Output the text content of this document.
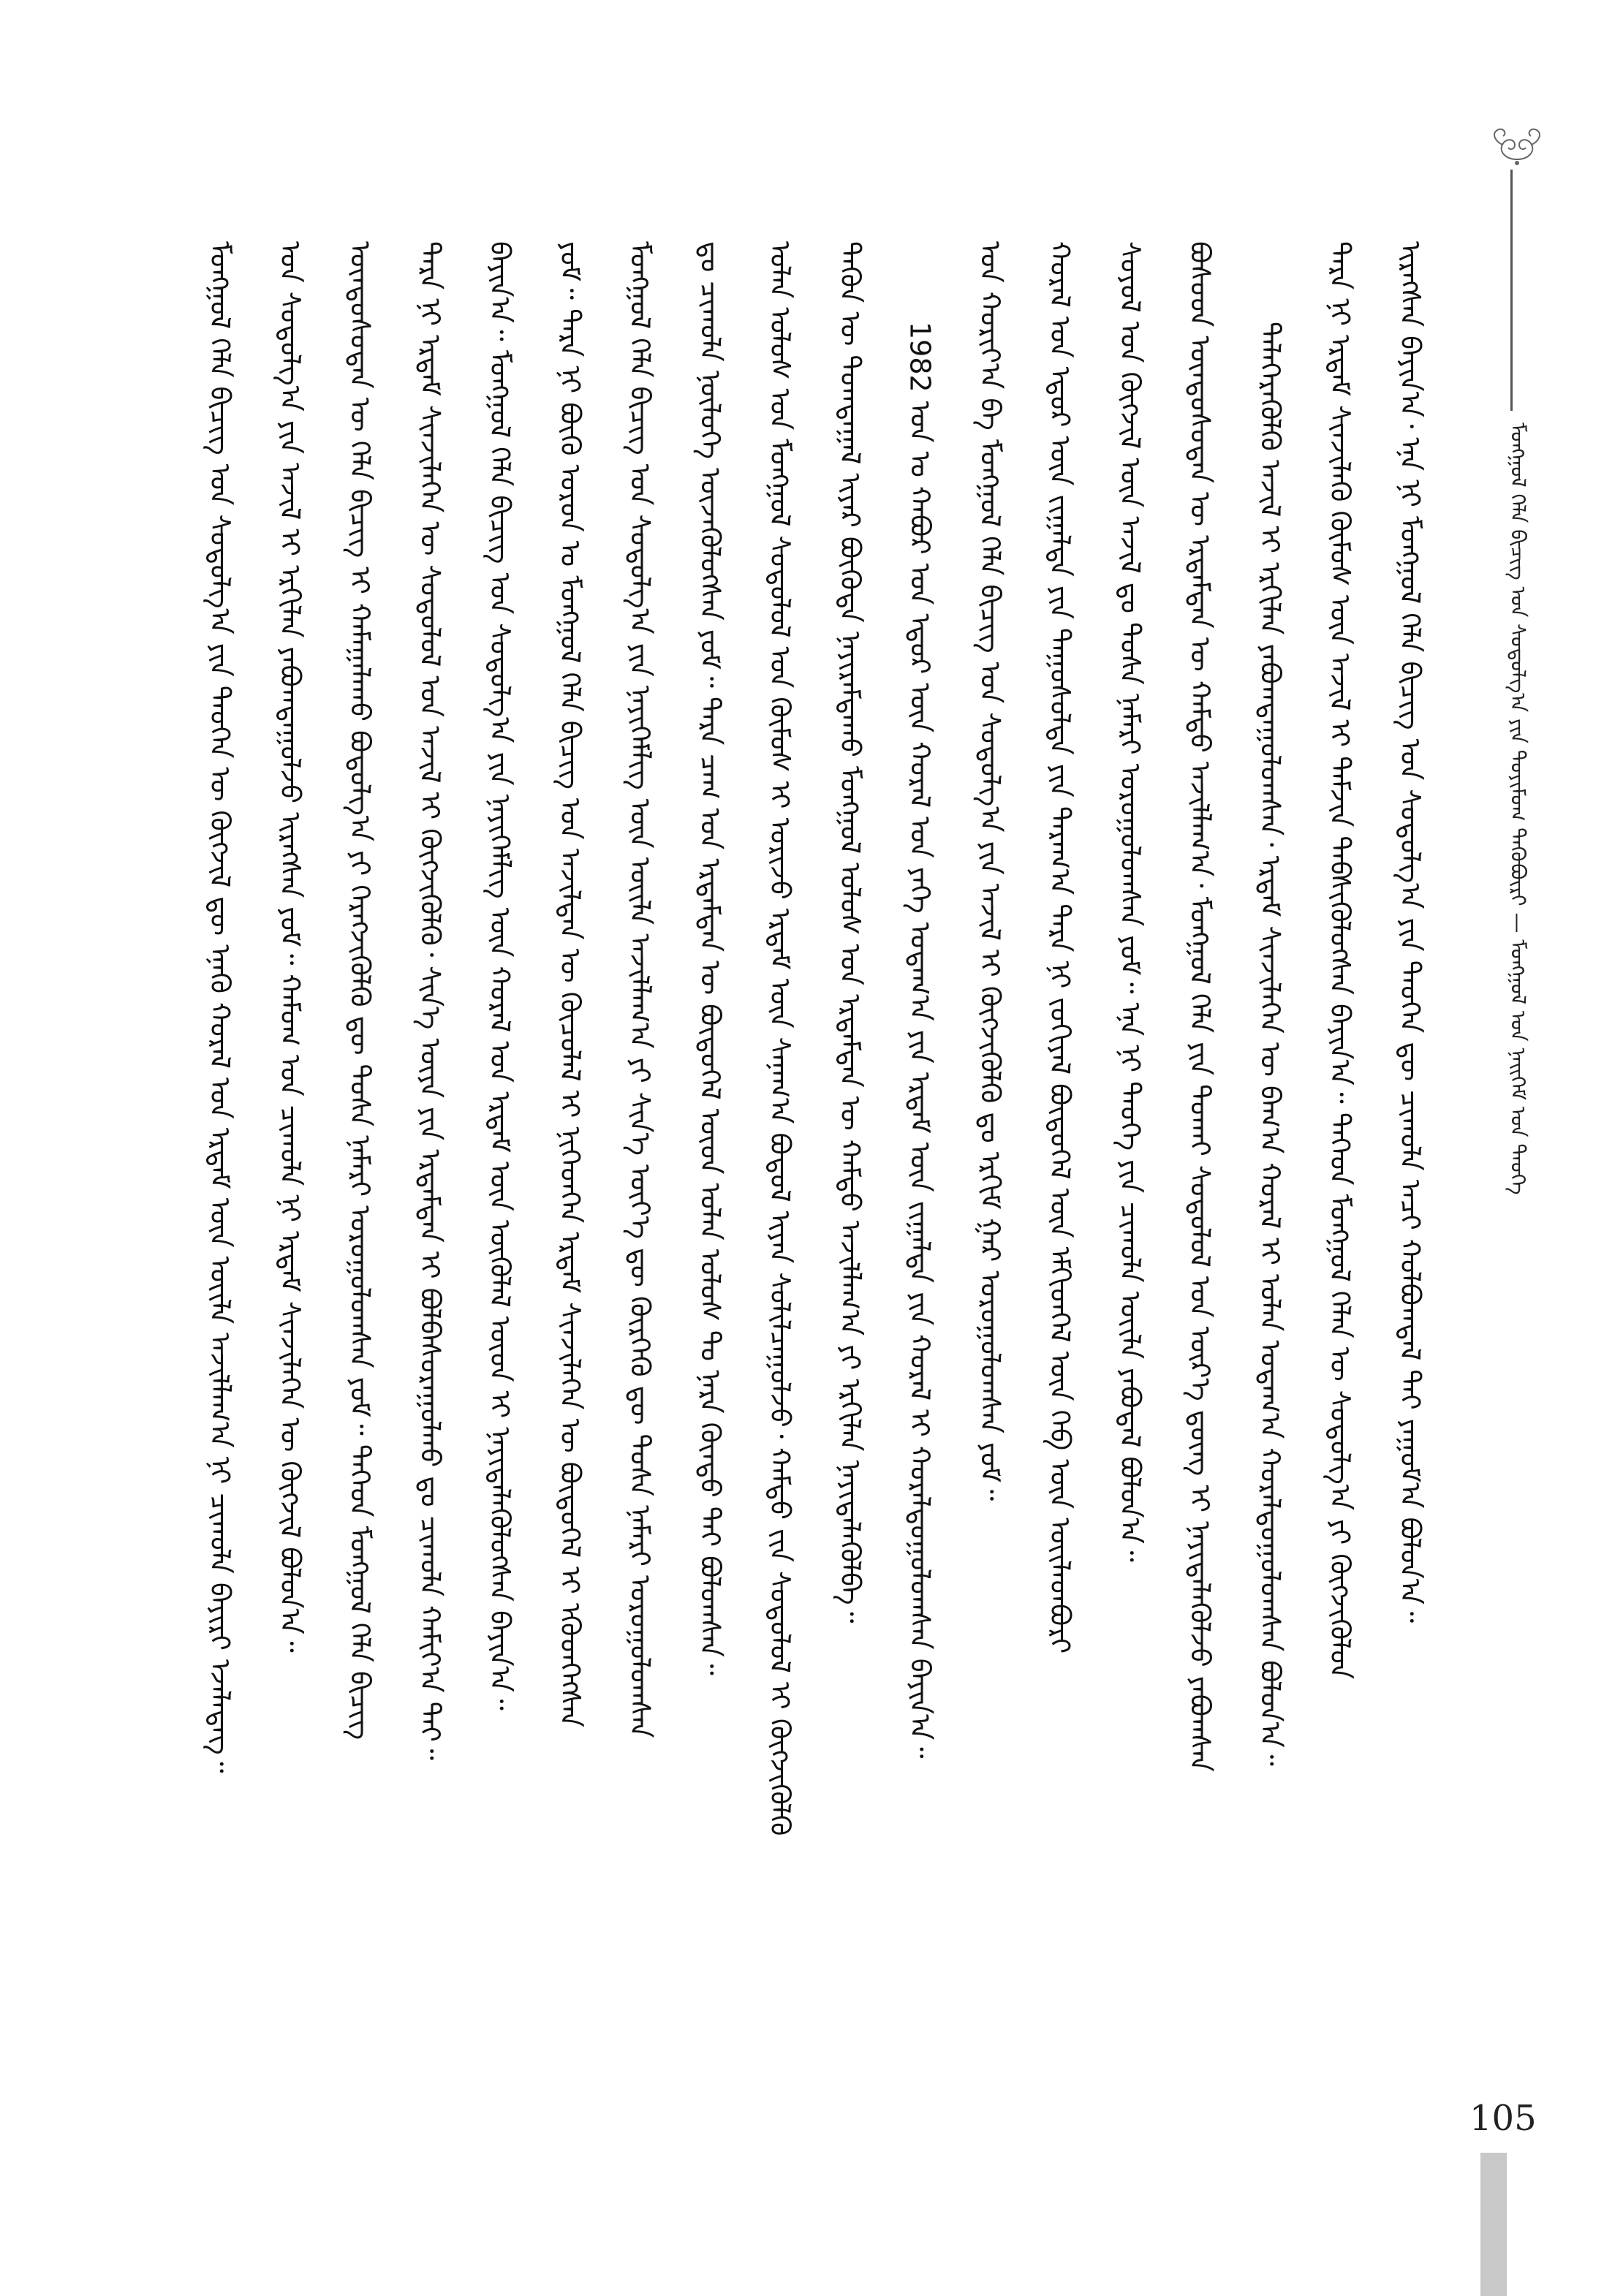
ᠮᠣᠩᠭᠣᠯ ᠬᠡᠯᠡ ᠪᠢᠴᠢᠭ ᠤᠨ ᠰᠤᠳᠤᠯᠭ᠎ᠠ ᠶᠢᠨ ᠲᠤᠶᠢᠮᠤᠭ ᠲᠡᠭᠦᠪᠦ᠋ᠷᠢ — ᠮᠣᠩᠭᠣᠯ ᠤᠨ ᠨᠡᠢᠭᠡᠮ ᠤᠨ ᠲᠡᠦᠬᠡ
ᠢᠷᠡᠭᠰᠡᠨ ᠪᠠᠶᠢᠨ᠎ᠠ᠂ ᠡᠨᠡ ᠨᠢ ᠮᠣᠩᠭᠣᠯ ᠬᠡᠯᠡ ᠪᠢᠴᠢᠭ ᠤᠨ ᠰᠤᠳᠤᠯᠭ᠎ᠠ ᠶᠢᠨ ᠲᠡᠦᠬᠡᠨ ᠳᠦ ᠴᠢᠬᠤᠯᠠ ᠠᠴᠢ ᠬᠣᠯᠪᠣᠭᠳᠠᠯ ᠲᠠᠶ ᠶᠠᠭᠤᠮ᠎ᠠ ᠪᠣᠯᠤᠨ᠎ᠠ᠃
ᠲᠡᠷᠡ ᠨᠢ ᠡᠷᠳᠡᠮ ᠰᠢᠨᠵᠢᠯᠡᠬᠦ ᠬᠦᠮᠦᠰ ᠦᠨ ᠠᠵᠢᠯ ᠢ ᠳᠡᠮᠵᠢᠨ ᠳᠡᠪᠰᠢᠭᠦᠯᠦᠭᠰᠡᠨ ᠪᠠᠶᠢᠨ᠎ᠠ᠃ ᠲᠡᠭᠡᠳ ᠮᠣᠩᠭᠣᠯ ᠬᠡᠯᠡᠨ ᠦ ᠰᠤᠳᠤᠯᠭ᠎ᠠ ᠶᠢ ᠬᠦᠭᠵᠢᠭᠦᠯᠦᠨ
ᠲᠡᠯᠡᠭᠡᠷᠡᠭᠦᠯᠬᠦ ᠠᠵᠢᠯ ᠢ ᠡᠷᠬᠢᠯᠡᠨ ᠶᠠᠪᠤᠭᠳᠠᠭᠤᠯᠤᠭᠰᠠᠨ᠂ ᠡᠷᠳᠡᠮ ᠰᠢᠨᠵᠢᠯᠡᠭᠡᠨ ᠦ ᠪᠠᠭ᠎ᠠ ᠬᠤᠷᠠᠯ ᠢ ᠣᠯᠠᠨ ᠤᠳᠠᠭ᠎ᠠ ᠬᠤᠷᠠᠯᠳᠤᠭᠤᠯᠤᠭᠰᠠᠨ ᠪᠣᠯᠣᠨ᠎ᠠ᠃
ᠪᠤᠰᠤᠳ ᠦᠨᠳᠦᠰᠦᠲᠡᠨ ᠦ ᠡᠷᠳᠡᠮᠲᠡᠨ ᠦ ᠬᠠᠮᠲᠤ ᠠᠵᠢᠯᠯᠠᠭ᠎ᠠ᠂ ᠮᠣᠩᠭᠣᠯ ᠬᠡᠯᠡ ᠶᠢᠨ ᠲᠤᠬᠠᠶ ᠰᠤᠳᠤᠯᠤᠯ ᠤᠨ ᠦᠷ᠎ᠡ ᠳ᠋ᠦᠩ ᠢ ᠨᠡᠶᠢᠲᠡᠯᠡᠭᠦᠯᠵᠦ ᠶᠠᠪᠤᠭᠰᠠᠨ
ᠰᠣᠶᠣᠯ ᠤᠨ ᠬᠥᠭᠵᠢᠯ ᠦᠨ ᠠᠵᠢᠯ ᠳᠤ ᠲᠤᠰᠠ ᠨᠡᠮᠡᠷᠢ ᠣᠷᠤᠭᠤᠯᠤᠭᠰᠠᠨ ᠶᠤᠮ᠃ ᠡᠨᠡ ᠨᠢ ᠲᠡᠦᠬᠡ ᠶᠢᠨ ᠴᠢᠬᠤᠯᠠ ᠦᠢᠯᠡ ᠶᠠᠪᠤᠳᠠᠯ ᠪᠣᠯᠤᠨ᠎ᠠ᠃
ᠬᠤᠷᠠᠯ ᠤᠨ ᠡᠳᠦᠷ ᠦᠨ ᠵᠢᠭᠠᠯᠲᠠ ᠶᠢᠨ ᠳᠠᠭᠤᠰᠤᠯᠲᠠ ᠶᠢᠨ ᠳᠠᠷᠠᠭ᠎ᠠ ᠲᠡᠷᠡ ᠨᠢ ᠵᠣᠬᠢᠶᠠᠯ ᠪᠦᠲᠦᠭᠡᠯ ᠦᠨ ᠡᠮᠬᠢᠳᠬᠡᠯ ᠦᠨ ᠬᠡᠪ ᠦᠨ ᠦᠢᠯᠡᠳᠪᠦᠷᠢ
ᠤᠨ ᠬᠣᠷᠢᠶ᠎ᠠ ᠪᠠ ᠮᠣᠩᠭᠣᠯ ᠬᠡᠯᠡ ᠪᠢᠴᠢᠭ ᠤᠨ ᠰᠤᠳᠤᠯᠭ᠎ᠠ ᠶᠢᠨ ᠠᠵᠢᠯ ᠢ ᠬᠥᠭᠵᠢᠭᠦᠯᠬᠦ ᠳᠤ ᠡᠷᠬᠢᠮ ᠭᠠᠷ ᠣᠷᠤᠭᠤᠯᠤᠭᠰᠠᠨ ᠶᠤᠮ᠃
1982 ᠣᠨ ᠤ ᠬᠠᠪᠤᠷ ᠤᠨ ᠡᠳᠦᠷ ᠦᠨ ᠬᠤᠷᠠᠯ ᠤᠨ ᠶᠡᠬᠡ ᠤᠳᠠᠭ᠎ᠠ ᠶᠢᠨ ᠡᠷᠳᠡᠮ ᠦᠨ ᠵᠢᠭᠠᠯᠲᠠ ᠶᠢᠨ ᠬᠤᠷᠠᠯ ᠢ ᠬᠤᠷᠠᠯᠳᠤᠭᠤᠯᠤᠭᠰᠠᠨ ᠪᠠᠶᠢᠨ᠎ᠠ᠃
ᠲᠡᠭᠦᠨ ᠦ ᠲᠣᠭᠲᠠᠭᠠᠯ ᠢᠶᠠᠷ ᠪᠦᠭᠦᠳᠡ ᠨᠠᠶᠢᠷᠠᠮᠳᠠᠬᠤ ᠮᠣᠩᠭᠣᠯ ᠤᠯᠤᠰ ᠤᠨ ᠡᠷᠳᠡᠮᠲᠡᠨ ᠦ ᠬᠠᠮᠲᠤ ᠠᠵᠢᠯᠯᠠᠭ᠎ᠠ ᠶᠢ ᠡᠷᠬᠢᠯᠡᠨ ᠨᠡᠶᠢᠲᠡᠯᠡᠭᠦᠯᠪᠡ᠃
ᠣᠯᠠᠨ ᠤᠯᠤᠰ ᠤᠨ ᠮᠣᠩᠭᠣᠯ ᠰᠤᠳᠤᠯᠤᠯ ᠤᠨ ᠬᠦᠮᠦᠰ ᠢ ᠤᠷᠢᠵᠤ ᠡᠷᠳᠡᠮ ᠦᠨ ᠰᠠᠨᠠᠭ᠎ᠠ ᠪᠣᠳᠤᠯ ᠢᠶᠠᠨ ᠰᠣᠯᠢᠯᠴᠠᠭᠤᠯᠵᠤ᠂ ᠬᠠᠮᠲᠤ ᠵᠢᠨ ᠰᠤᠳᠤᠯᠤᠯ ᠢ ᠬᠦᠭᠵᠢᠭᠦᠯᠬᠦ
ᠳᠤ ᠴᠢᠬᠤᠯᠠ ᠨᠥᠯᠦᠭᠡ ᠦᠵᠡᠭᠦᠯᠦᠭᠰᠡᠨ ᠶᠤᠮ᠃ ᠲᠡᠷᠡ ᠴᠠᠭ ᠤᠨ ᠡᠷᠳᠡᠮᠲᠡᠨ ᠦ ᠪᠦᠲᠦᠭᠡᠯ ᠦᠳ ᠣᠯᠠᠨ ᠤᠯᠤᠰ ᠲᠤ ᠨᠡᠷᠡ ᠬᠦᠨᠳᠦ ᠲᠠᠶ ᠪᠣᠯᠤᠭᠰᠠᠨ᠃
ᠮᠣᠩᠭᠣᠯ ᠬᠡᠯᠡ ᠪᠢᠴᠢᠭ ᠤᠨ ᠰᠤᠳᠤᠯᠭ᠎ᠠ ᠶᠢᠨ ᠨᠡᠶᠢᠭᠡᠮᠯᠢᠭ ᠦᠨ ᠦᠢᠯᠡ ᠠᠵᠢᠯᠯᠠᠭ᠎ᠠ ᠶᠢ ᠰᠢᠨ᠎ᠡ ᠦᠶ᠎ᠡ ᠳᠦ ᠬᠦᠷᠭᠡᠬᠦ ᠳᠦ ᠲᠤᠰᠠ ᠨᠡᠮᠡᠷᠢ ᠣᠷᠤᠭᠤᠯᠤᠭᠰᠠᠨ
ᠶᠤᠮ᠃ ᠲᠡᠷᠡ ᠨᠢ ᠪᠦᠬᠦ ᠣᠷᠣᠨ ᠤ ᠮᠣᠩᠭᠣᠯ ᠬᠡᠯᠡ ᠪᠢᠴᠢᠭ ᠤᠨ ᠠᠵᠢᠯᠲᠠᠨ ᠦ ᠬᠦᠴᠦᠯᠡᠯ ᠢ ᠨᠢᠭᠡᠳᠭᠡᠨ ᠡᠷᠳᠡᠮ ᠰᠢᠨᠵᠢᠯᠡᠭᠡᠨ ᠦ ᠪᠦᠲᠦᠭᠡᠯ ᠢ ᠡᠭᠦᠳᠬᠡᠭᠰᠡᠨ
ᠪᠠᠶᠢᠨ᠎ᠠ᠃ ᠮᠣᠩᠭᠣᠯ ᠬᠡᠯᠡ ᠪᠢᠴᠢᠭ ᠤᠨ ᠰᠤᠳᠤᠯᠭ᠎ᠠ ᠶᠢᠨ ᠨᠡᠶᠢᠭᠡᠮᠯᠢᠭ ᠦᠨ ᠬᠤᠷᠠᠯ ᠤᠨ ᠡᠷᠳᠡᠮ ᠦᠨ ᠥᠭᠦᠯᠡᠯ ᠦᠳ ᠢ ᠨᠡᠶᠢᠲᠡᠯᠡᠭᠦᠯᠦᠭᠰᠡᠨ ᠪᠠᠶᠢᠨ᠎ᠠ᠃
ᠲᠡᠷᠡ ᠨᠢ ᠡᠷᠳᠡᠮ ᠰᠢᠨᠵᠢᠯᠡᠭᠡᠨ ᠦ ᠰᠤᠳᠤᠯᠤᠯ ᠤᠨ ᠠᠵᠢᠯ ᠢ ᠬᠥᠭᠵᠢᠭᠦᠯᠬᠦ᠂ ᠰᠢᠨ᠎ᠡ ᠦᠶᠡ ᠶᠢᠨ ᠡᠷᠳᠡᠮᠲᠡᠨ ᠢ ᠪᠣᠯᠪᠠᠰᠤᠷᠠᠭᠤᠯᠬᠤ ᠳᠤ ᠴᠢᠬᠤᠯᠠ ᠬᠠᠮᠢᠶ᠎ᠠ ᠲᠠᠶ᠃
ᠦᠨᠳᠦᠰᠦᠲᠡᠨ ᠦ ᠬᠡᠯᠡ ᠪᠢᠴᠢᠭ ᠢ ᠬᠠᠮᠠᠭᠠᠯᠠᠬᠤ ᠪᠣᠳᠤᠯᠭ᠎ᠠ ᠶᠢ ᠬᠡᠷᠡᠭᠵᠢᠭᠦᠯᠬᠦ ᠳᠦ ᠲᠤᠰᠠ ᠨᠡᠮᠡᠷᠢ ᠣᠷᠤᠭᠤᠯᠤᠭᠰᠠᠨ ᠶᠤᠮ᠃ ᠲᠡᠭᠡᠳ ᠮᠣᠩᠭᠣᠯ ᠬᠡᠯᠡ ᠪᠢᠴᠢᠭ
ᠤᠨ ᠰᠤᠳᠤᠯᠭ᠎ᠠ ᠶᠢᠨ ᠠᠵᠢᠯ ᠢ ᠡᠷᠬᠢᠯᠡᠨ ᠶᠠᠪᠤᠭᠳᠠᠭᠤᠯᠵᠤ ᠢᠷᠡᠭᠰᠡᠨ ᠶᠤᠮ᠃ ᠬᠠᠮᠤᠭ ᠤᠨ ᠴᠢᠬᠤᠯᠠ ᠨᠢ ᠡᠷᠳᠡᠮ ᠰᠢᠨᠵᠢᠯᠡᠭᠡᠨ ᠦ ᠬᠥᠭᠵᠢᠯ ᠪᠣᠯᠤᠨ᠎ᠠ᠃
ᠮᠣᠩᠭᠣᠯ ᠬᠡᠯᠡ ᠪᠢᠴᠢᠭ ᠤᠨ ᠰᠤᠳᠤᠯᠭ᠎ᠠ ᠶᠢᠨ ᠲᠡᠦᠬᠡᠨ ᠦ ᠬᠥᠭᠵᠢᠯ ᠳᠦ ᠡᠨᠡᠬᠦ ᠬᠤᠷᠠᠯ ᠤᠨ ᠡᠷᠳᠡᠮ ᠦᠨ ᠦᠢᠯᠡ ᠠᠵᠢᠯᠯᠠᠭ᠎ᠠ ᠨᠢ ᠴᠢᠬᠤᠯᠠ ᠪᠠᠶᠢᠷᠢ ᠡᠵᠡᠯᠡᠳᠡᠭ᠃
105
